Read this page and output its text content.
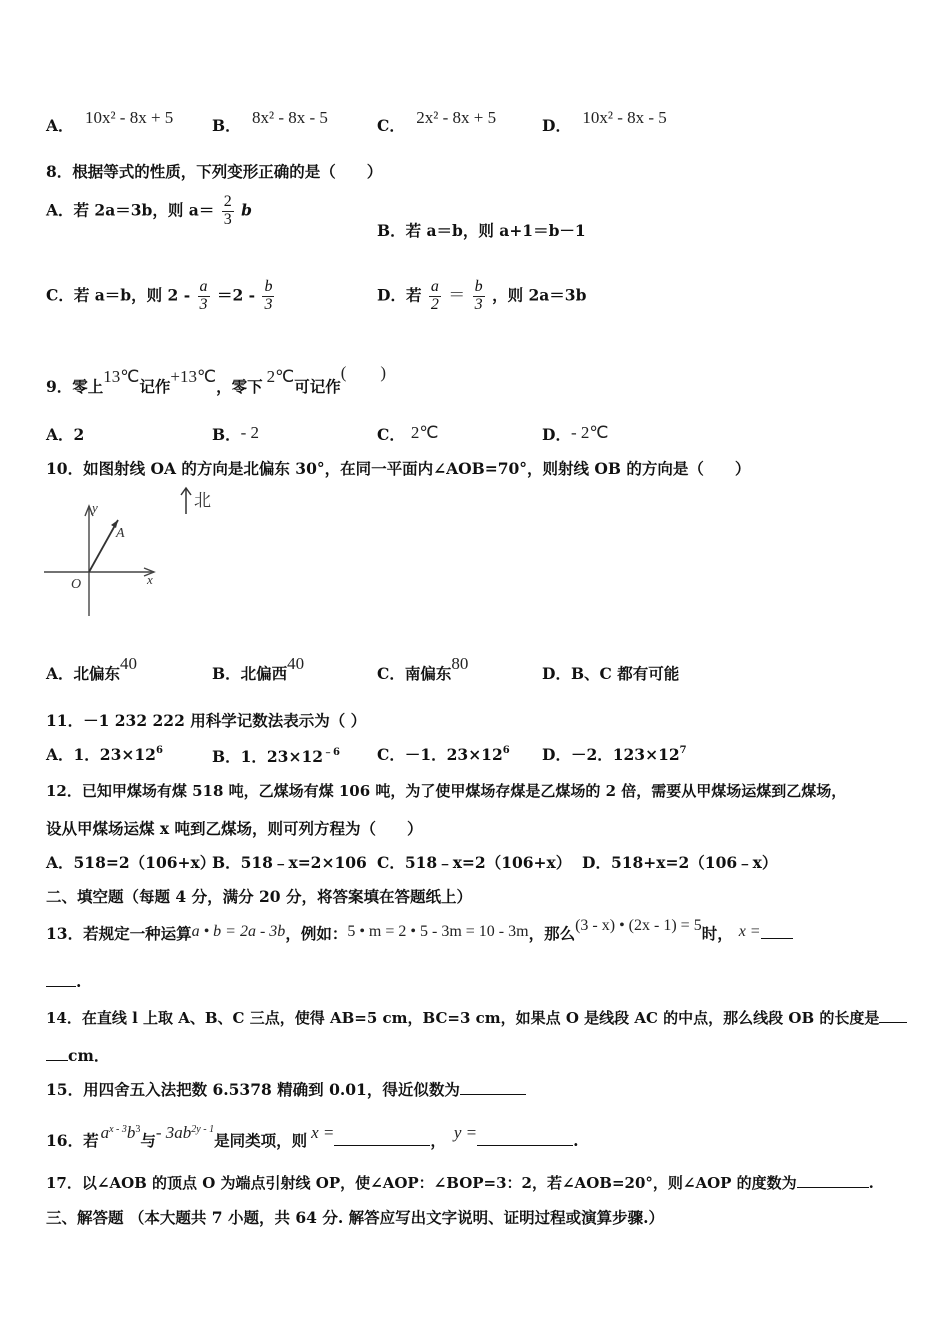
A． 10x² - 8x + 5 B． 8x² - 8x - 5	C． 2x² - 8x + 5	D． 10x² - 8x - 5
8．根据等式的性质，下列变形正确的是（　　）
A．若 2a＝3b，则 $a= \frac{2}{3}$ b
B．若 a＝b，则 a+1＝b－1
C．若 a＝b，则 $2 - \frac{a}{3} =2 - \frac{b}{3}$	D．若 $\frac{a}{2} = \frac{b}{3}$ ，则 2a＝3b
9．零上13℃记作+13℃，零下2℃可记作(　　)
A．2	B．- 2	C． 2℃	D．- 2℃
10．如图射线 OA 的方向是北偏东 30°，在同一平面内∠AOB=70°，则射线 OB 的方向是（　　）
北
y
x
O
A
A．北偏东40
B．北偏西40
C．南偏东80
D．B、C 都有可能
11．－1 232 222 用科学记数法表示为（ ）
A．1．$23\times 12^6$	B．1．$23\times 12^{﹣6}$ C．－1．$23\times 12^6$ D．－2．$123\times 12^7$
12．已知甲煤场有煤 518 吨，乙煤场有煤 106 吨，为了使甲煤场存煤是乙煤场的 2 倍，需要从甲煤场运煤到乙煤场，
设从甲煤场运煤 x 吨到乙煤场，则可列方程为（　　）
A．518=2（106+x）
B．518﹣x=2×106 C．518﹣x=2（106+x） D．518+x=2（106﹣x）
二、填空题（每题 4 分，满分 20 分，将答案填在答题纸上）
13．若规定一种运算a • b = 2a - 3b，例如：5 • m = 2 • 5 - 3m = 10 - 3m，那么(3 - x) • (2x - 1) = 5时， x =
.
14．在直线 l 上取 A、B、C 三点，使得 AB=5 cm，BC=3 cm，如果点 O 是线段 AC 的中点，那么线段 OB 的长度是
cm．
15．用四舍五入法把数 6.5378 精确到 0.01，得近似数为
16．若 $a^{x - 3}b^3$与- $3ab^{2y - 1}$是同类项，则 x =	， y =	.
17．以∠AOB 的顶点 O 为端点引射线 OP，使∠AOP：∠BOP=3：2，若∠AOB=20°，则∠AOP 的度数为	.
三、解答题 （本大题共 7 小题，共 64 分. 解答应写出文字说明、证明过程或演算步骤.）
